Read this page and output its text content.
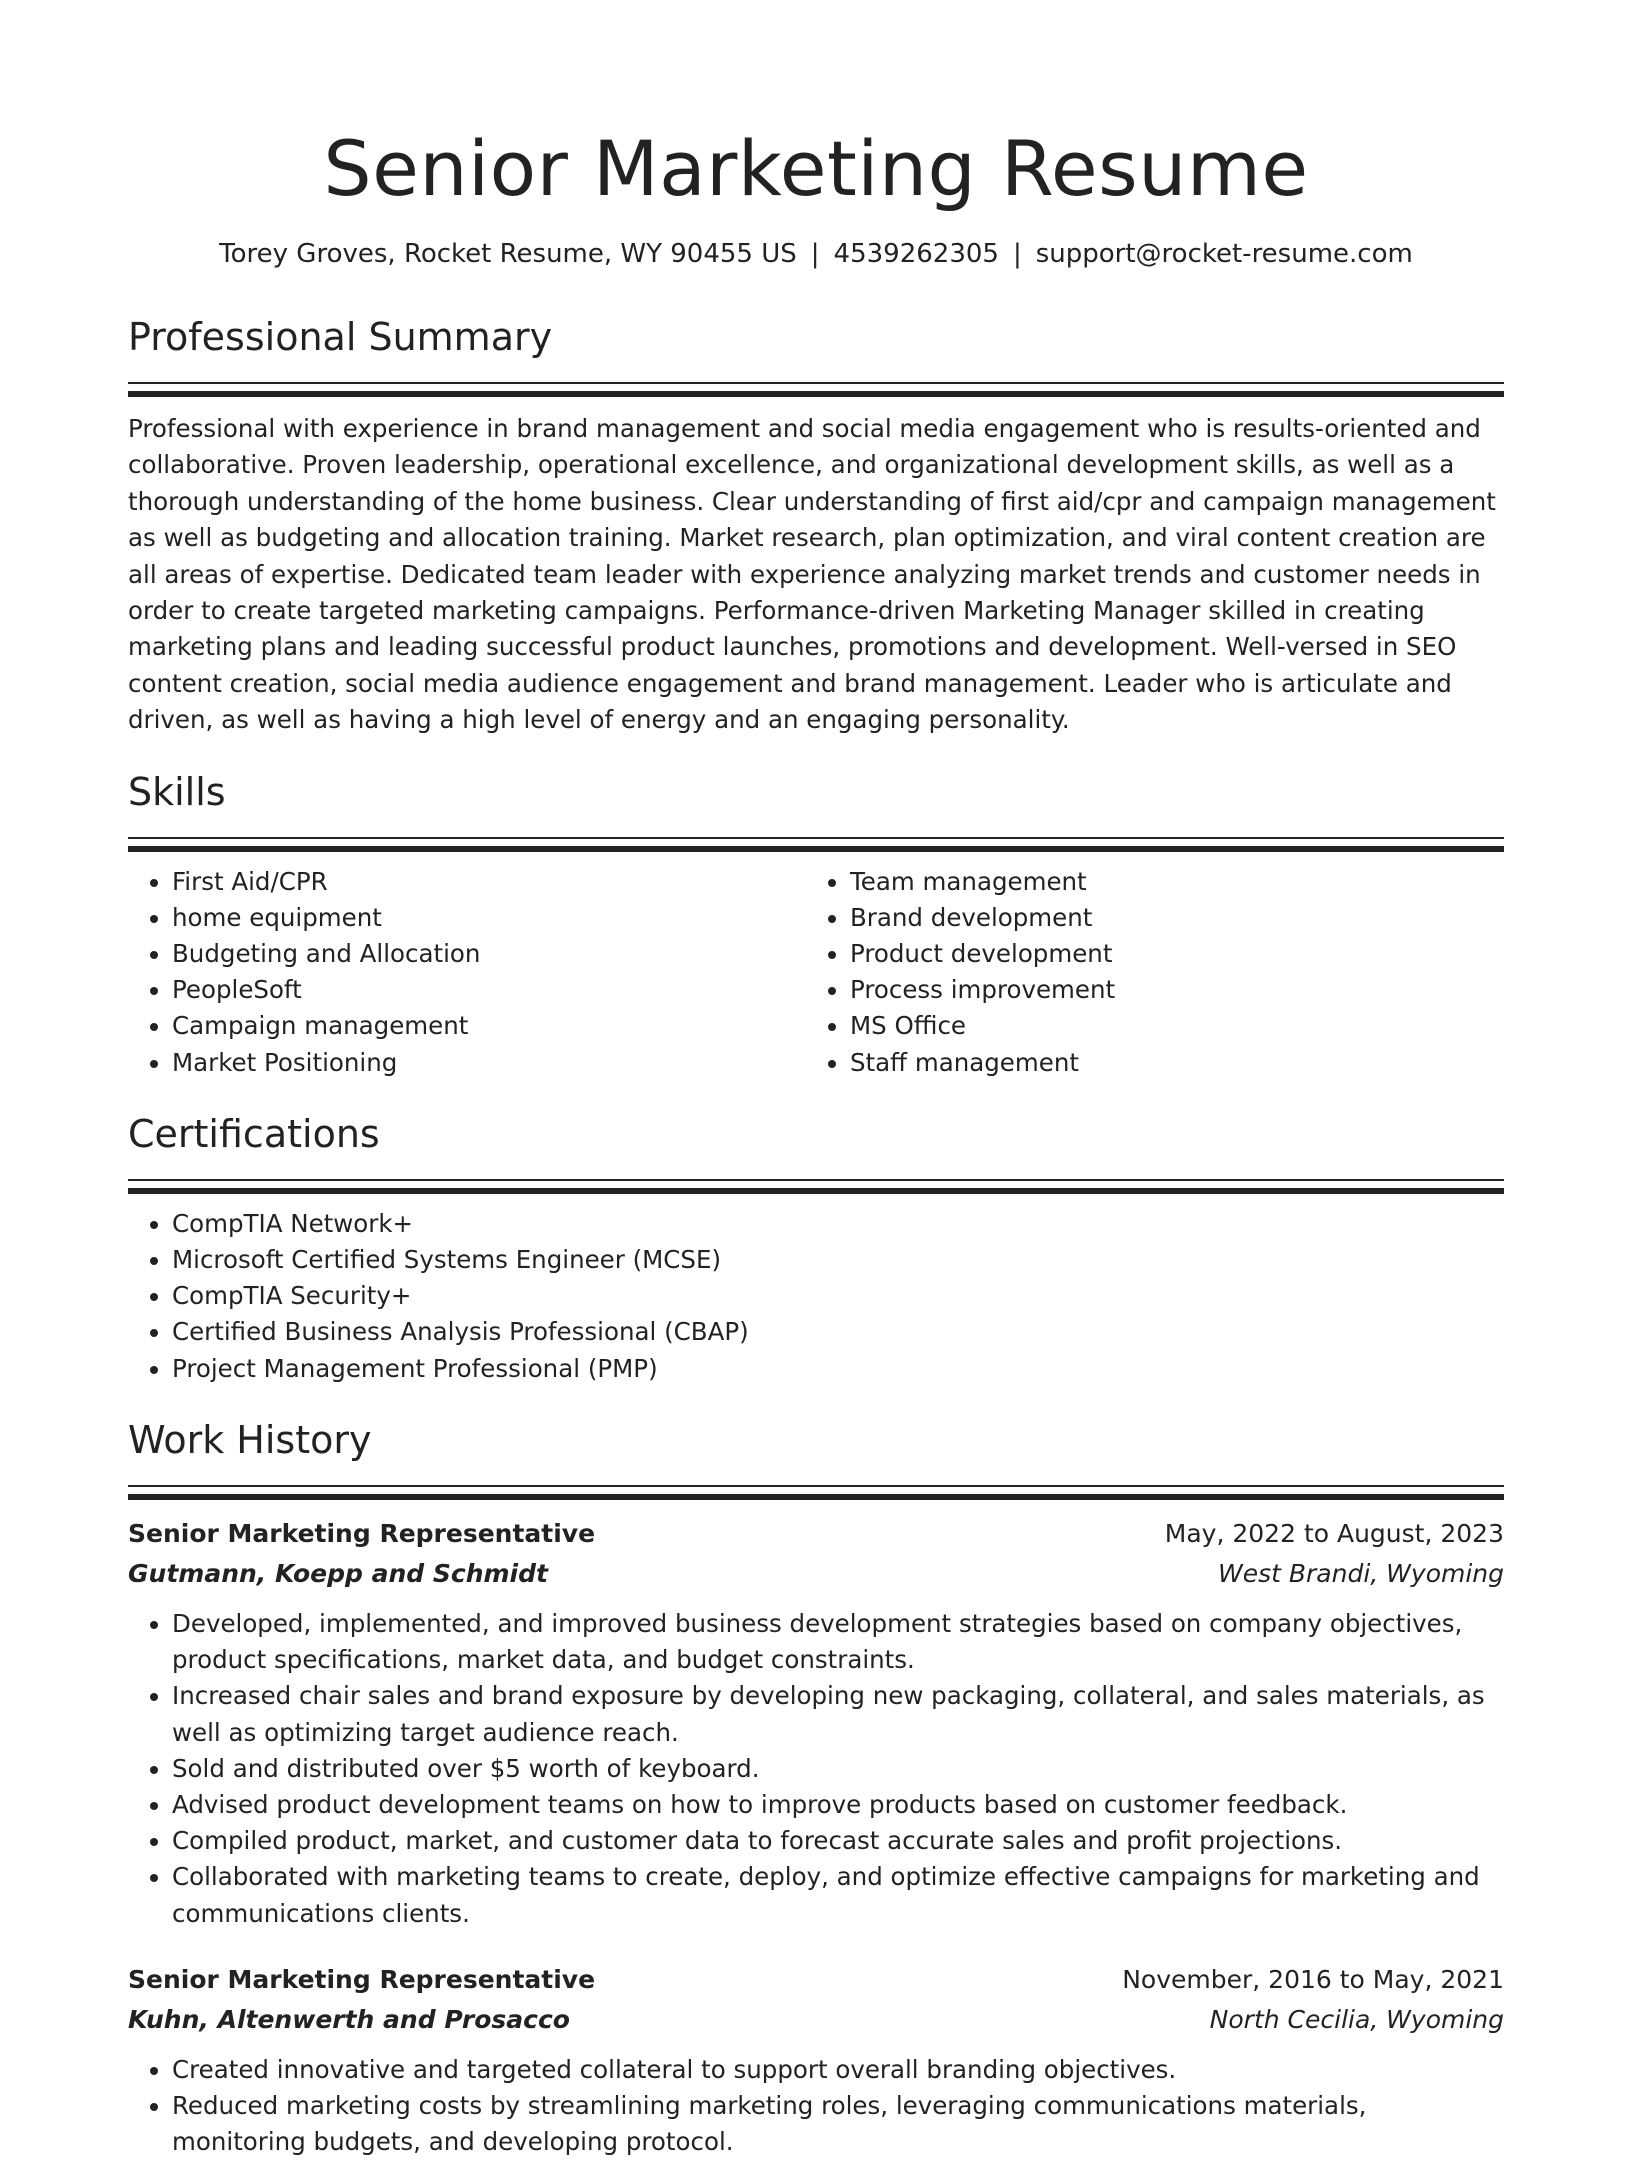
Senior Marketing Resume
Torey Groves, Rocket Resume, WY 90455 US | 4539262305 | support@rocket-resume.com
Professional Summary

Professional with experience in brand management and social media engagement who is results-oriented and collaborative. Proven leadership, operational excellence, and organizational development skills, as well as a thorough understanding of the home business. Clear understanding of first aid/cpr and campaign management as well as budgeting and allocation training. Market research, plan optimization, and viral content creation are all areas of expertise. Dedicated team leader with experience analyzing market trends and customer needs in order to create targeted marketing campaigns. Performance-driven Marketing Manager skilled in creating marketing plans and leading successful product launches, promotions and development. Well-versed in SEO content creation, social media audience engagement and brand management. Leader who is articulate and driven, as well as having a high level of energy and an engaging personality.

Skills
• First Aid/CPR
• home equipment
• Budgeting and Allocation
• PeopleSoft
• Campaign management
• Market Positioning
• Team management
• Brand development
• Product development
• Process improvement
• MS Office
• Staff management
Certifications
• CompTIA Network+
• Microsoft Certified Systems Engineer (MCSE)
• CompTIA Security+
• Certified Business Analysis Professional (CBAP)
• Project Management Professional (PMP)
Work History
Senior Marketing Representative	May, 2022 to August, 2023
Gutmann, Koepp and Schmidt	West Brandi, Wyoming
• Developed, implemented, and improved business development strategies based on company objectives, product specifications, market data, and budget constraints.
• Increased chair sales and brand exposure by developing new packaging, collateral, and sales materials, as well as optimizing target audience reach.
• Sold and distributed over $5 worth of keyboard.
• Advised product development teams on how to improve products based on customer feedback.
• Compiled product, market, and customer data to forecast accurate sales and profit projections.
• Collaborated with marketing teams to create, deploy, and optimize effective campaigns for marketing and communications clients.
Senior Marketing Representative	November, 2016 to May, 2021
Kuhn, Altenwerth and Prosacco	North Cecilia, Wyoming
• Created innovative and targeted collateral to support overall branding objectives.
• Reduced marketing costs by streamlining marketing roles, leveraging communications materials, monitoring budgets, and developing protocol.
